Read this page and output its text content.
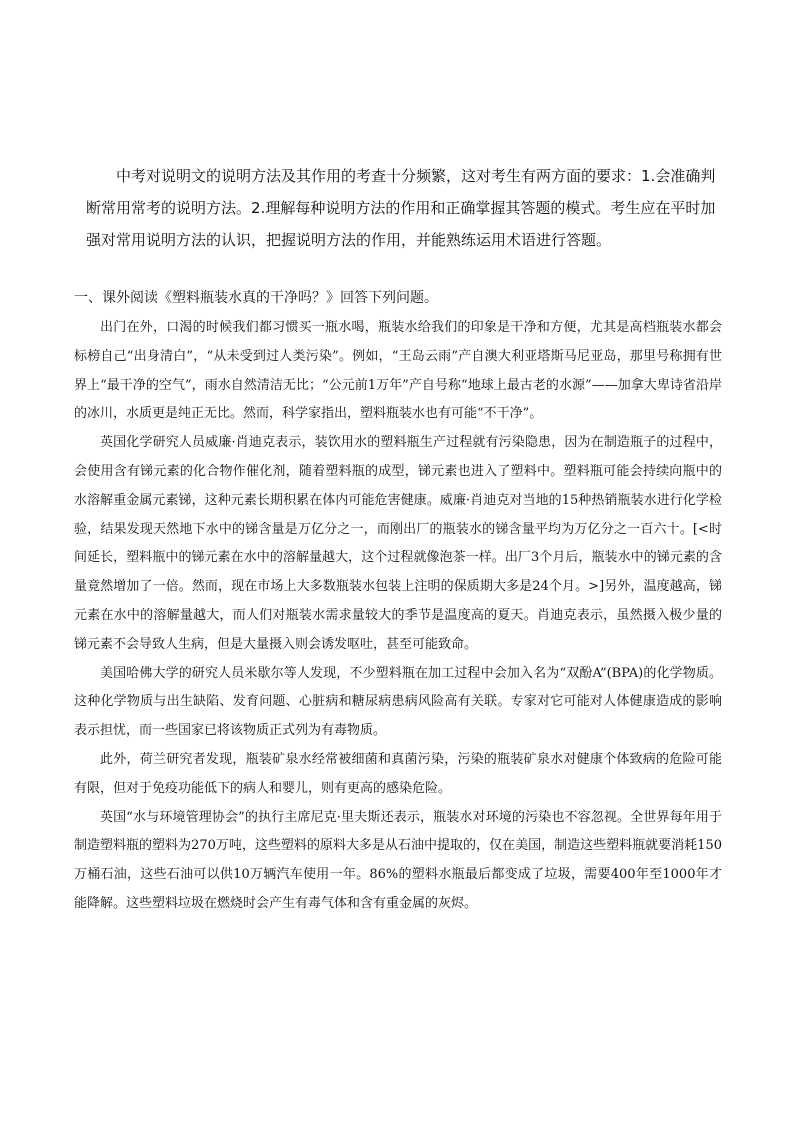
中考对说明文的说明方法及其作用的考查十分频繁，这对考生有两方面的要求：1.会准确判断常用常考的说明方法。2.理解每种说明方法的作用和正确掌握其答题的模式。考生应在平时加强对常用说明方法的认识，把握说明方法的作用，并能熟练运用术语进行答题。

一、课外阅读《塑料瓶装水真的干净吗？》回答下列问题。

出门在外，口渴的时候我们都习惯买一瓶水喝，瓶装水给我们的印象是干净和方便，尤其是高档瓶装水都会标榜自己“出身清白”，“从未受到过人类污染”。例如，“王岛云雨”产自澳大利亚塔斯马尼亚岛，那里号称拥有世界上“最干净的空气”，雨水自然清洁无比；“公元前1万年”产自号称“地球上最古老的水源”——加拿大卑诗省沿岸的冰川，水质更是纯正无比。然而，科学家指出，塑料瓶装水也有可能“不干净”。

英国化学研究人员威廉·肖迪克表示，装饮用水的塑料瓶生产过程就有污染隐患，因为在制造瓶子的过程中，会使用含有锑元素的化合物作催化剂，随着塑料瓶的成型，锑元素也进入了塑料中。塑料瓶可能会持续向瓶中的水溶解重金属元素锑，这种元素长期积累在体内可能危害健康。威廉·肖迪克对当地的15种热销瓶装水进行化学检验，结果发现天然地下水中的锑含量是万亿分之一，而刚出厂的瓶装水的锑含量平均为万亿分之一百六十。[<时间延长，塑料瓶中的锑元素在水中的溶解量越大，这个过程就像泡茶一样。出厂3个月后，瓶装水中的锑元素的含量竟然增加了一倍。然而，现在市场上大多数瓶装水包装上注明的保质期大多是24个月。>]另外，温度越高，锑元素在水中的溶解量越大，而人们对瓶装水需求量较大的季节是温度高的夏天。肖迪克表示，虽然摄入极少量的锑元素不会导致人生病，但是大量摄入则会诱发呕吐，甚至可能致命。

美国哈佛大学的研究人员米歇尔等人发现，不少塑料瓶在加工过程中会加入名为“双酚A”(BPA)的化学物质。这种化学物质与出生缺陷、发育问题、心脏病和糖尿病患病风险高有关联。专家对它可能对人体健康造成的影响表示担忧，而一些国家已将该物质正式列为有毒物质。

此外，荷兰研究者发现，瓶装矿泉水经常被细菌和真菌污染，污染的瓶装矿泉水对健康个体致病的危险可能有限，但对于免疫功能低下的病人和婴儿，则有更高的感染危险。

英国“水与环境管理协会”的执行主席尼克·里夫斯还表示，瓶装水对环境的污染也不容忽视。全世界每年用于制造塑料瓶的塑料为270万吨，这些塑料的原料大多是从石油中提取的，仅在美国，制造这些塑料瓶就要消耗150万桶石油，这些石油可以供10万辆汽车使用一年。86%的塑料水瓶最后都变成了垃圾，需要400年至1000年才能降解。这些塑料垃圾在燃烧时会产生有毒气体和含有重金属的灰烬。
